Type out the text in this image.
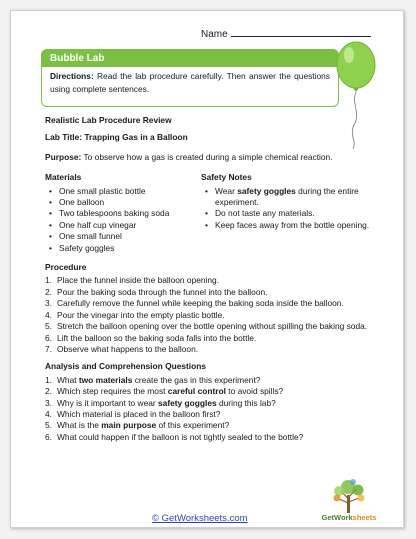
Name
Bubble Lab
Directions: Read the lab procedure carefully. Then answer the questions using complete sentences.
Realistic Lab Procedure Review
Lab Title: Trapping Gas in a Balloon
Purpose: To observe how a gas is created during a simple chemical reaction.
Materials
• One small plastic bottle
• One balloon
• Two tablespoons baking soda
• One half cup vinegar
• One small funnel
• Safety goggles
Safety Notes
• Wear safety goggles during the entire experiment.
• Do not taste any materials.
• Keep faces away from the bottle opening.
Procedure
1. Place the funnel inside the balloon opening.
2. Pour the baking soda through the funnel into the balloon.
3. Carefully remove the funnel while keeping the baking soda inside the balloon.
4. Pour the vinegar into the empty plastic bottle.
5. Stretch the balloon opening over the bottle opening without spilling the baking soda.
6. Lift the balloon so the baking soda falls into the bottle.
7. Observe what happens to the balloon.
Analysis and Comprehension Questions
1. What two materials create the gas in this experiment?
2. Which step requires the most careful control to avoid spills?
3. Why is it important to wear safety goggles during this lab?
4. Which material is placed in the balloon first?
5. What is the main purpose of this experiment?
6. What could happen if the balloon is not tightly sealed to the bottle?
© GetWorksheets.com	GetWorksheets
